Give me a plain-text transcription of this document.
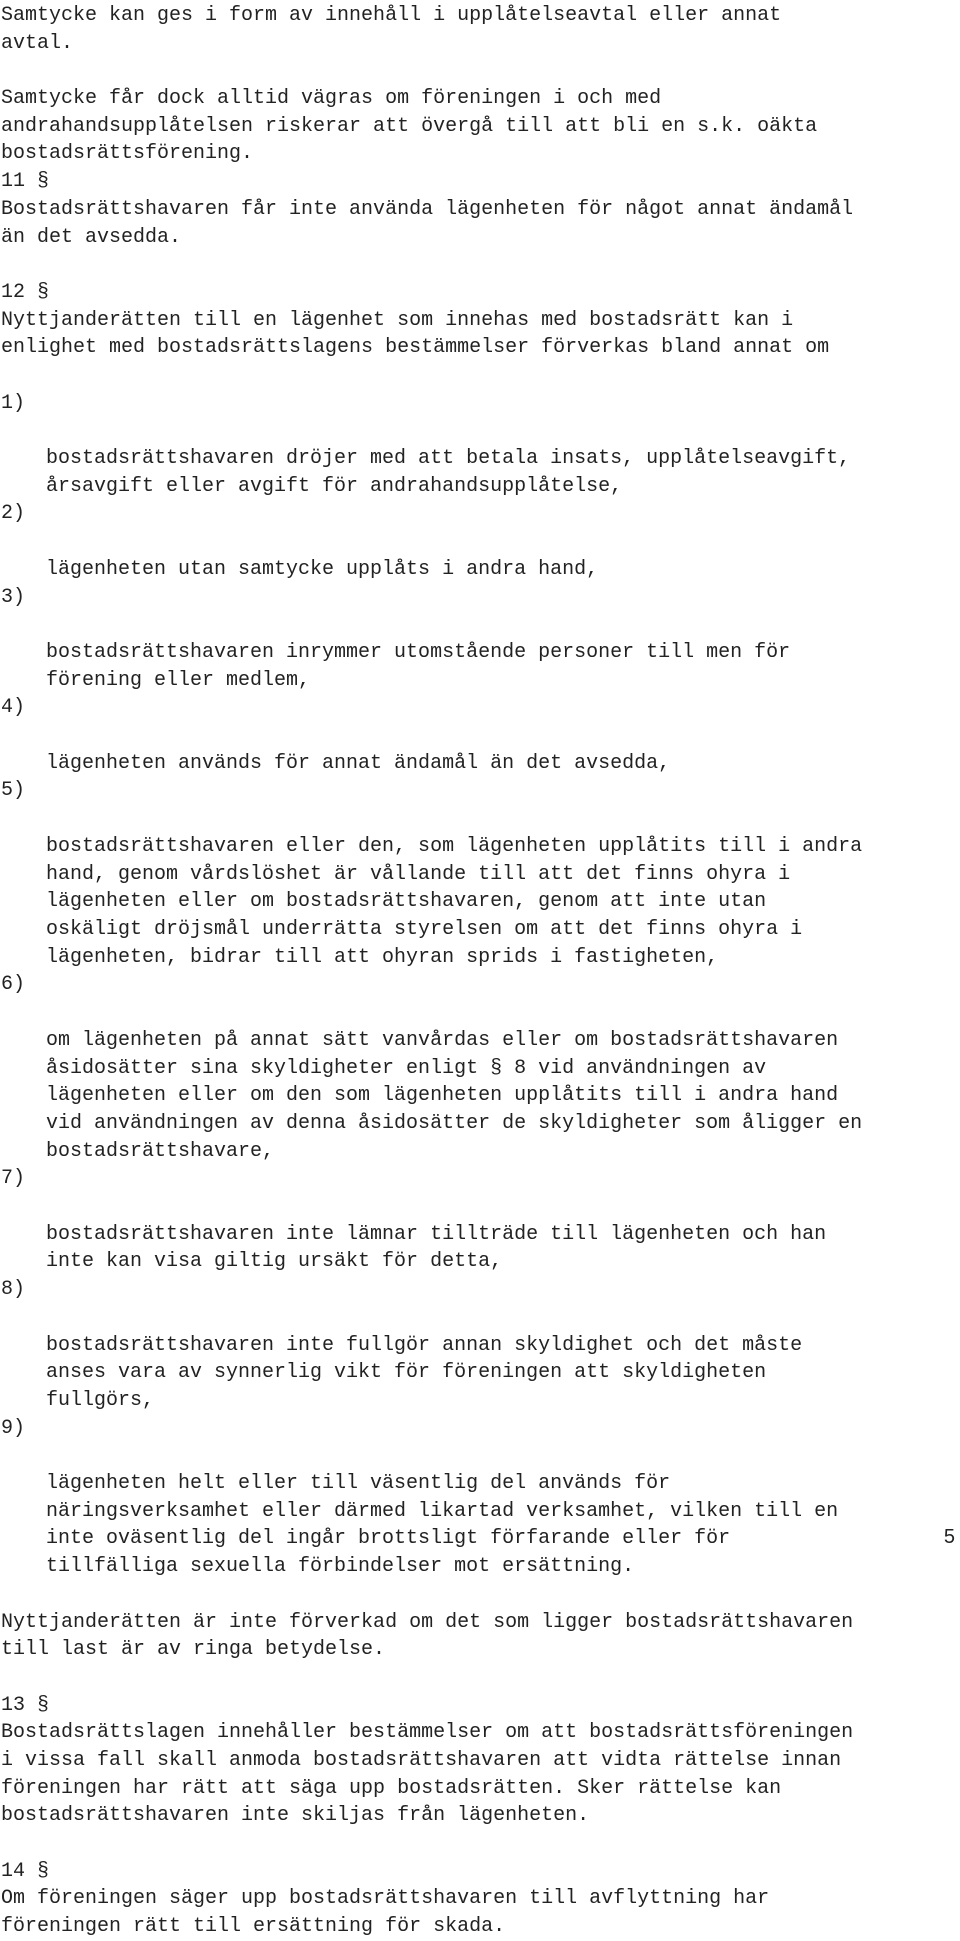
Samtycke kan ges i form av innehåll i upplåtelseavtal eller annat
avtal.
Samtycke får dock alltid vägras om föreningen i och med
andrahandsupplåtelsen riskerar att övergå till att bli en s.k. oäkta
bostadsrättsförening.
11 §
Bostadsrättshavaren får inte använda lägenheten för något annat ändamål
än det avsedda.
12 §
Nyttjanderätten till en lägenhet som innehas med bostadsrätt kan i
enlighet med bostadsrättslagens bestämmelser förverkas bland annat om

1)

bostadsrättshavaren dröjer med att betala insats, upplåtelseavgift,
årsavgift eller avgift för andrahandsupplåtelse,

2)

lägenheten utan samtycke upplåts i andra hand,

3)

bostadsrättshavaren inrymmer utomstående personer till men för
förening eller medlem,

4)

lägenheten används för annat ändamål än det avsedda,

5)

bostadsrättshavaren eller den, som lägenheten upplåtits till i andra
hand, genom vårdslöshet är vållande till att det finns ohyra i
lägenheten eller om bostadsrättshavaren, genom att inte utan
oskäligt dröjsmål underrätta styrelsen om att det finns ohyra i
lägenheten, bidrar till att ohyran sprids i fastigheten,

6)

om lägenheten på annat sätt vanvårdas eller om bostadsrättshavaren
åsidosätter sina skyldigheter enligt § 8 vid användningen av
lägenheten eller om den som lägenheten upplåtits till i andra hand
vid användningen av denna åsidosätter de skyldigheter som åligger en
bostadsrättshavare,

7)

bostadsrättshavaren inte lämnar tillträde till lägenheten och han
inte kan visa giltig ursäkt för detta,

8)

bostadsrättshavaren inte fullgör annan skyldighet och det måste
anses vara av synnerlig vikt för föreningen att skyldigheten
fullgörs,

9)

lägenheten helt eller till väsentlig del används för
näringsverksamhet eller därmed likartad verksamhet, vilken till en
inte oväsentlig del ingår brottsligt förfarande eller för
tillfälliga sexuella förbindelser mot ersättning.

Nyttjanderätten är inte förverkad om det som ligger bostadsrättshavaren
till last är av ringa betydelse.
13 §
Bostadsrättslagen innehåller bestämmelser om att bostadsrättsföreningen
i vissa fall skall anmoda bostadsrättshavaren att vidta rättelse innan
föreningen har rätt att säga upp bostadsrätten. Sker rättelse kan
bostadsrättshavaren inte skiljas från lägenheten.
14 §
Om föreningen säger upp bostadsrättshavaren till avflyttning har
föreningen rätt till ersättning för skada.
5
